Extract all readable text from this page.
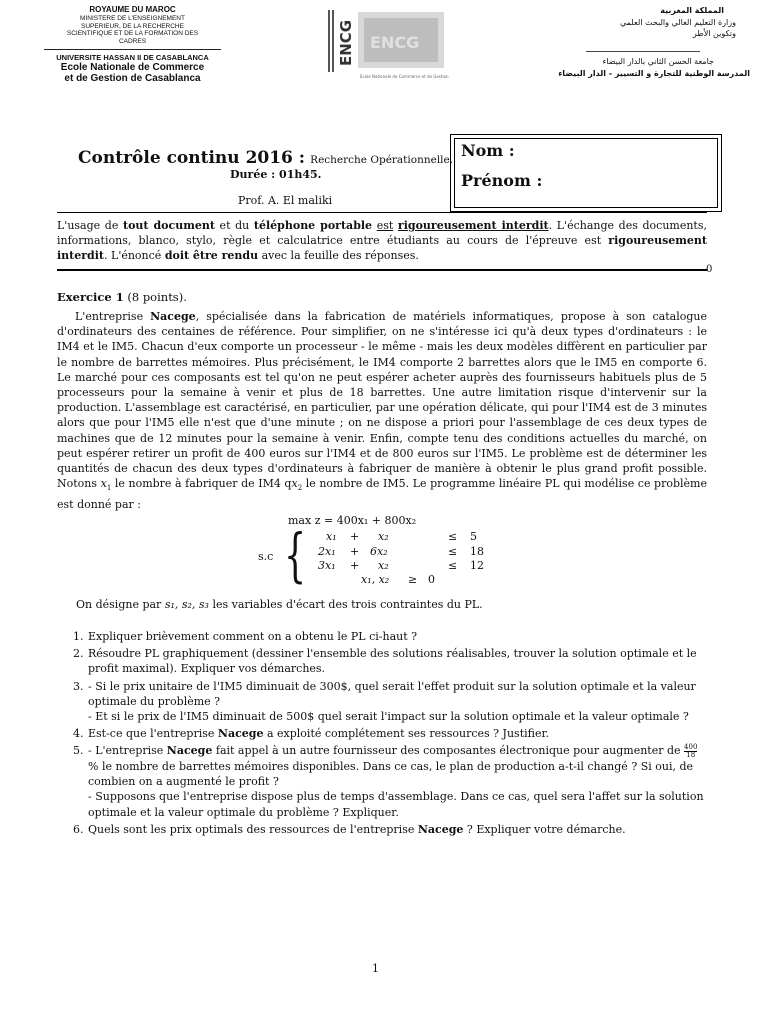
ROYAUME DU MAROC
MINISTERE DE L'ENSEIGNEMENT
SUPERIEUR, DE LA RECHERCHE
SCIENTIFIQUE ET DE LA FORMATION DES
CADRES
UNIVERSITE HASSAN II DE CASABLANCA
Ecole Nationale de Commerce
et de Gestion de Casablanca
ENCG ENCG
Ecole Nationale de Commerce et de Gestion
المملكة المغربية
وزارة التعليم العالي والبحث العلمي
وتكوين الأطر
جامعة الحسن الثاني بالدار البيضاء
المدرسة الوطنية للتجارة و التسيير - الدار البيضاء
Contrôle continu 2016 : Recherche Opérationnelle.
Durée : 01h45.
Prof. A. El maliki
Nom :
Prénom :
L'usage de tout document et du téléphone portable est rigoureusement interdit. L'échange des documents, informations, blanco, stylo, règle et calculatrice entre étudiants au cours de l'épreuve est rigoureusement interdit. L'énoncé doit être rendu avec la feuille des réponses.
0
Exercice 1 (8 points).
L'entreprise Nacege, spécialisée dans la fabrication de matériels informatiques, propose à son catalogue d'ordinateurs des centaines de référence. Pour simplifier, on ne s'intéresse ici qu'à deux types d'ordinateurs : le IM4 et le IM5. Chacun d'eux comporte un processeur - le même - mais les deux modèles diffèrent en particulier par le nombre de barrettes mémoires. Plus précisément, le IM4 comporte 2 barrettes alors que le IM5 en comporte 6. Le marché pour ces composants est tel qu'on ne peut espérer acheter auprès des fournisseurs habituels plus de 5 processeurs pour la semaine à venir et plus de 18 barrettes. Une autre limitation risque d'intervenir sur la production. L'assemblage est caractérisé, en particulier, par une opération délicate, qui pour l'IM4 est de 3 minutes alors que pour l'IM5 elle n'est que d'une minute ; on ne dispose a priori pour l'assemblage de ces deux types de machines que de 12 minutes pour la semaine à venir. Enfin, compte tenu des conditions actuelles du marché, on peut espérer retirer un profit de 400 euros sur l'IM4 et de 800 euros sur l'IM5. Le problème est de déterminer les quantités de chacun des deux types d'ordinateurs à fabriquer de manière à obtenir le plus grand profit possible. Notons $x_1$ le nombre à fabriquer de IM4 $qx_2$ le nombre de IM5. Le programme linéaire PL qui modélise ce problème est donné par :
max z = 400x₁ + 800x₂
s.c
x₁ + x₂	≤ 5
2x₁ + 6x₂	≤ 18
3x₁ + x₂	≤ 12
x₁, x₂ ≥ 0
{
On désigne par s₁, s₂, s₃ les variables d'écart des trois contraintes du PL.
1. Expliquer brièvement comment on a obtenu le PL ci-haut ?
2. Résoudre PL graphiquement (dessiner l'ensemble des solutions réalisables, trouver la solution optimale et le profit maximal). Expliquer vos démarches.
3. - Si le prix unitaire de l'IM5 diminuait de 300$, quel serait l'effet produit sur la solution optimale et la valeur optimale du problème ?
- Et si le prix de l'IM5 diminuait de 500$ quel serait l'impact sur la solution optimale et la valeur optimale ?
4. Est-ce que l'entreprise Nacege a exploité complétement ses ressources ? Justifier.
5. - L'entreprise Nacege fait appel à un autre fournisseur des composantes électronique pour augmenter de $\frac{400}{18}$
% le nombre de barrettes mémoires disponibles. Dans ce cas, le plan de production a-t-il changé ? Si oui, de combien on a augmenté le profit ?
- Supposons que l'entreprise dispose plus de temps d'assemblage. Dans ce cas, quel sera l'affet sur la solution optimale et la valeur optimale du problème ? Expliquer.
6. Quels sont les prix optimals des ressources de l'entreprise Nacege ? Expliquer votre démarche.
1
